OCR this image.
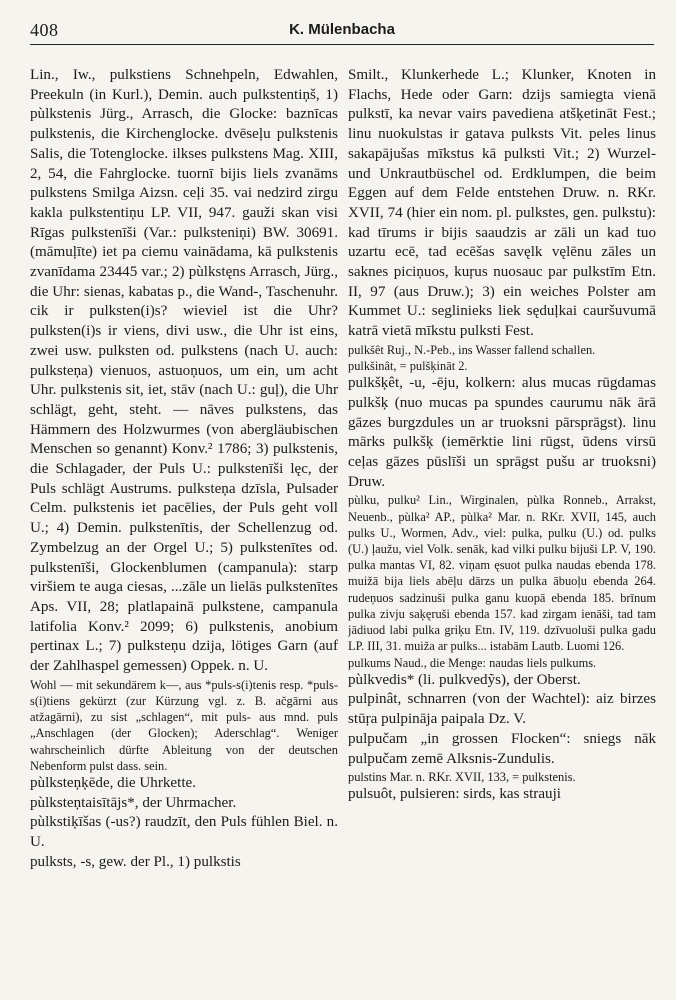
408	K. Mülenbacha

Lin., Iw., pulkstiens Schnehpeln, Edwahlen, Preekuln (in Kurl.), Demin. auch pulkstentiņš, 1) pùlkstenis Jürg., Arrasch, die Glocke: baznīcas pulkstenis, die Kirchenglocke. dvēseļu pulkstenis Salis, die Totenglocke. ilkses pulkstens Mag. XIII, 2, 54, die Fahrglocke. tuornī bijis liels zvanāms pulkstens Smilga Aizsn. ceļi 35. vai nedzird zirgu kakla pulkstentiņu LP. VII, 947. gauži skan visi Rīgas pulkstenīši (Var.: pulksteniņi) BW. 30691. (māmuļīte) iet pa ciemu vainādama, kā pulkstenis zvanīdama 23445 var.; 2) pùlkstęns Arrasch, Jürg., die Uhr: sienas, kabatas p., die Wand-, Taschenuhr. cik ir pulksten(i)s? wieviel ist die Uhr? pulksten(i)s ir viens, divi usw., die Uhr ist eins, zwei usw. pulksten od. pulkstens (nach U. auch: pulksteņa) vienuos, astuoņuos, um ein, um acht Uhr. pulkstenis sit, iet, stāv (nach U.: guļ), die Uhr schlägt, geht, steht. — nāves pulkstens, das Hämmern des Holzwurmes (von abergläubischen Menschen so genannt) Konv.² 1786; 3) pulkstenis, die Schlagader, der Puls U.: pulkstenīši lęc, der Puls schlägt Austrums. pulksteņa dzīsla, Pulsader Celm. pulkstenis iet pacēlies, der Puls geht voll U.; 4) Demin. pulkstenītis, der Schellenzug od. Zymbelzug an der Orgel U.; 5) pulkstenītes od. pulkstenīši, Glockenblumen (campanula): starp viršiem te auga ciesas, ...zāle un lielās pulkstenītes Aps. VII, 28; platlapainā pulkstene, campanula latifolia Konv.² 2099; 6) pulkstenis, anobium pertinax L.; 7) pulksteņu dzija, lötiges Garn (auf der Zahlhaspel gemessen) Oppek. n. U.

Wohl — mit sekundärem k—, aus *puls-s(i)tenis resp. *puls-s(i)tiens gekürzt (zur Kürzung vgl. z. B. ačgārni aus atžagārni), zu sist „schlagen“, mit puls- aus mnd. puls „Anschlagen (der Glocken); Aderschlag“. Weniger wahrscheinlich dürfte Ableitung von der deutschen Nebenform pulst dass. sein.

pùlksteņķēde, die Uhrkette.

pùlksteņtaisītājs*, der Uhrmacher.

pùlkstiķīšas (-us?) raudzīt, den Puls fühlen Biel. n. U.

pulksts, -s, gew. der Pl., 1) pulkstis

Smilt., Klunkerhede L.; Klunker, Knoten in Flachs, Hede oder Garn: dzijs samiegta vienā pulkstī, ka nevar vairs pavediena atšķetināt Fest.; linu nuokulstas ir gatava pulksts Vit. peles linus sakapājušas mīkstus kā pulksti Vit.; 2) Wurzel- und Unkrautbüschel od. Erdklumpen, die beim Eggen auf dem Felde entstehen Druw. n. RKr. XVII, 74 (hier ein nom. pl. pulkstes, gen. pulkstu): kad tīrums ir bijis saaudzis ar zāli un kad tuo uzartu ecē, tad ecēšas savęlk vęlēnu zāles un saknes piciņuos, kuŗus nuosauc par pulkstīm Etn. II, 97 (aus Druw.); 3) ein weiches Polster am Kummet U.: seglinieks liek sęduļkai cauršuvumā katrā vietā mīkstu pulksti Fest.

pulkšêt Ruj., N.-Peb., ins Wasser fallend schallen.

pulkšinât, = pulšķināt 2.

pulkšķêt, -u, -ēju, kolkern: alus mucas rūgdamas pulkšķ (nuo mucas pa spundes caurumu nāk ārā gāzes burgzdules un ar truoksni pārsprāgst). linu mārks pulkšķ (iemērktie lini rūgst, ūdens virsū ceļas gāzes pūslīši un sprāgst pušu ar truoksni) Druw.

pùlku, pulku² Lin., Wirginalen, pùlka Ronneb., Arrakst, Neuenb., pùlka² AP., pùlka² Mar. n. RKr. XVII, 145, auch pulks U., Wormen, Adv., viel: pulka, pulku (U.) od. pulks (U.) ļaužu, viel Volk. senāk, kad vilki pulku bijuši LP. V, 190. pulka mantas VI, 82. viņam ęsuot pulka naudas ebenda 178. muižā bija liels abēļu dārzs un pulka ābuoļu ebenda 264. rudeņuos sadzinuši pulka ganu kuopā ebenda 185. brīnum pulka zivju saķęruši ebenda 157. kad zirgam ienāši, tad tam jādiuod labi pulka griķu Etn. IV, 119. dzīvuoluši pulka gadu LP. III, 31. muiža ar pulks... istabām Lautb. Luomi 126.

pulkums Naud., die Menge: naudas liels pulkums.

pùlkvedis* (li. pulkvedỹs), der Oberst.

pulpinât, schnarren (von der Wachtel): aiz birzes stūŗa pulpināja paipala Dz. V.

pulpučam „in grossen Flocken“: sniegs nāk pulpučam zemē Alksnis-Zundulis.

pulstins Mar. n. RKr. XVII, 133, = pulkstenis.

pulsuôt, pulsieren: sirds, kas strauji
